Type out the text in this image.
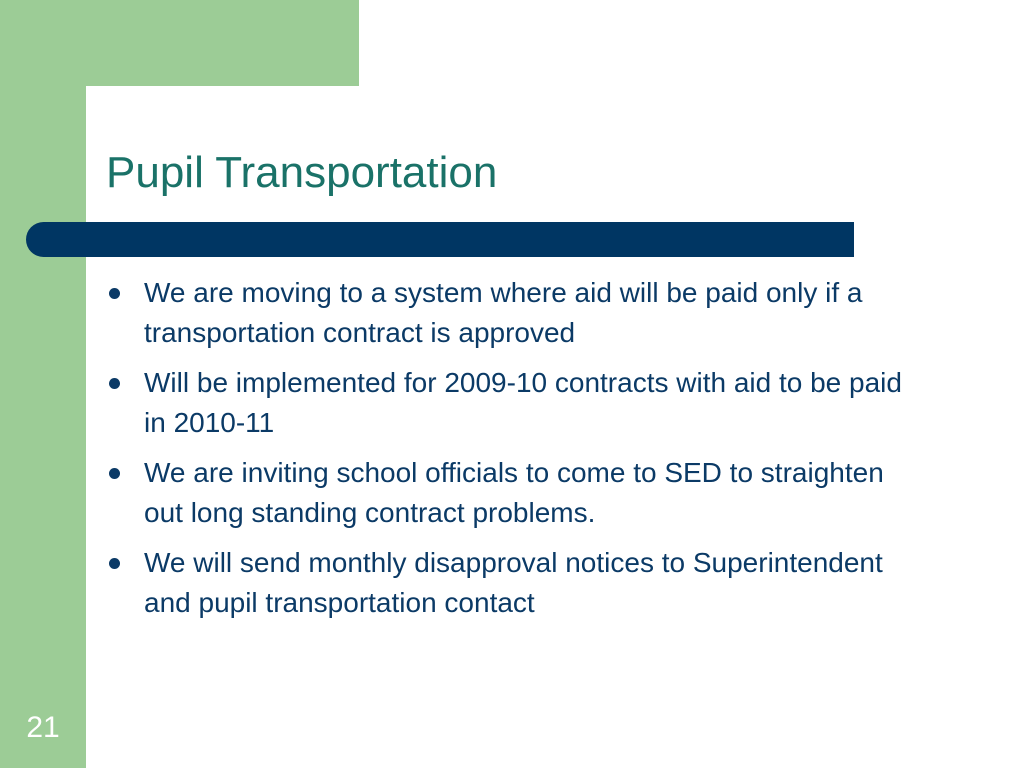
Pupil Transportation
We are moving to a system where aid will be paid only if a transportation contract is approved
Will be implemented for 2009-10 contracts with aid to be paid in 2010-11
We are inviting school officials to come to SED to straighten out long standing contract problems.
We will send monthly disapproval notices to Superintendent and pupil transportation contact
21
